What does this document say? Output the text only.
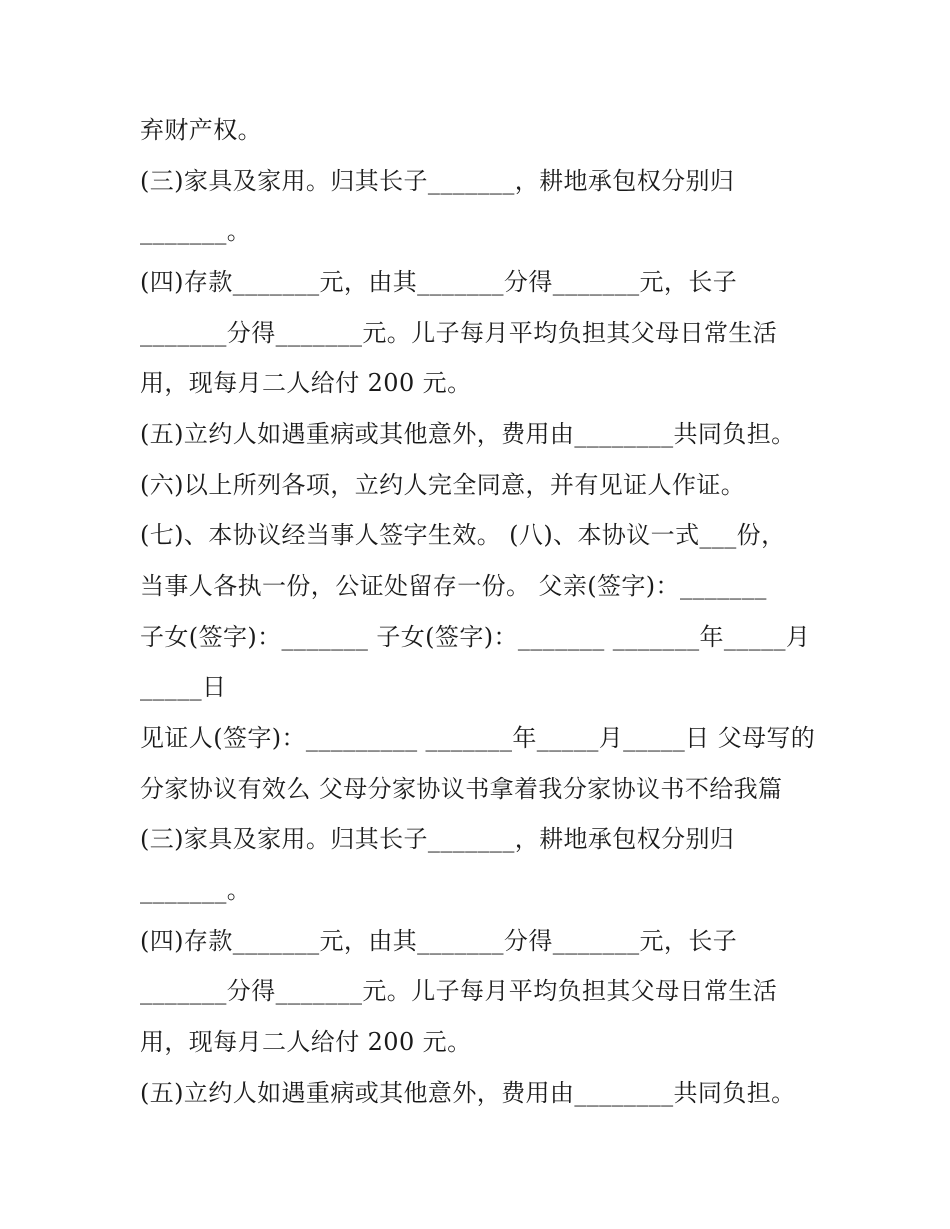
弃财产权。

(三)家具及家用。归其长子_______，耕地承包权分别归

_______。

(四)存款_______元，由其_______分得_______元，长子

_______分得_______元。儿子每月平均负担其父母日常生活

用，现每月二人给付 200 元。

(五)立约人如遇重病或其他意外，费用由________共同负担。

(六)以上所列各项，立约人完全同意，并有见证人作证。

(七)、本协议经当事人签字生效。 (八)、本协议一式___份，

当事人各执一份，公证处留存一份。 父亲(签字)：_______

子女(签字)：_______ 子女(签字)：_______ _______年_____月

_____日

见证人(签字)：_________ _______年_____月_____日 父母写的

分家协议有效么 父母分家协议书拿着我分家协议书不给我篇

(三)家具及家用。归其长子_______，耕地承包权分别归

_______。

(四)存款_______元，由其_______分得_______元，长子

_______分得_______元。儿子每月平均负担其父母日常生活

用，现每月二人给付 200 元。

(五)立约人如遇重病或其他意外，费用由________共同负担。
